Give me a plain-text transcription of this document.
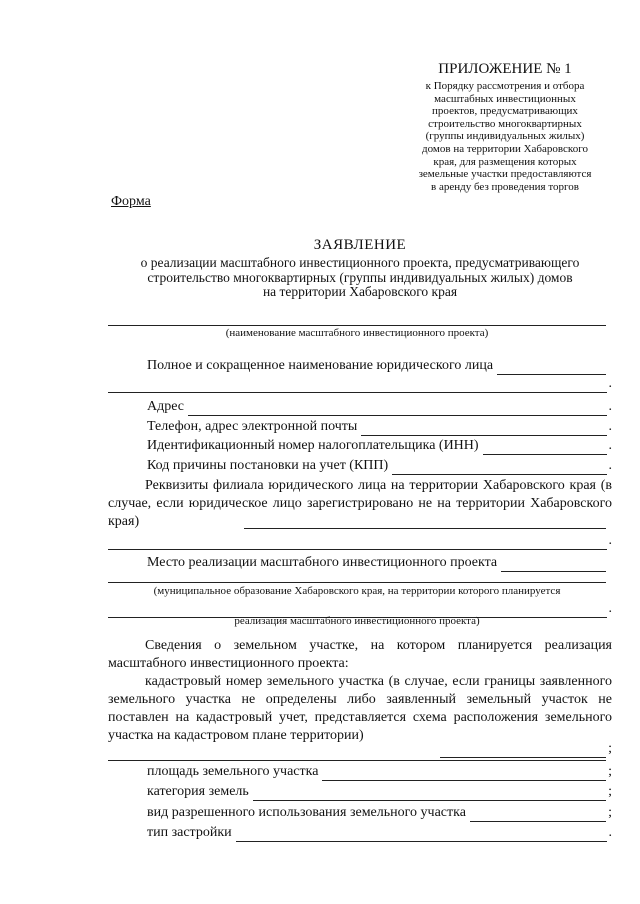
ПРИЛОЖЕНИЕ № 1
к Порядку рассмотрения и отбора
масштабных инвестиционных
проектов, предусматривающих
строительство многоквартирных
(группы индивидуальных жилых)
домов на территории Хабаровского
края, для размещения которых
земельные участки предоставляются
в аренду без проведения торгов
Форма
ЗАЯВЛЕНИЕ
о реализации масштабного инвестиционного проекта, предусматривающего
строительство многоквартирных (группы индивидуальных жилых) домов
на территории Хабаровского края
(наименование масштабного инвестиционного проекта)
Полное и сокращенное наименование юридического лица
.
Адрес	.
Телефон, адрес электронной почты	.
Идентификационный номер налогоплательщика (ИНН)	.
Код причины постановки на учет (КПП)	.
Реквизиты филиала юридического лица на территории Хабаровского края (в случае, если юридическое лицо зарегистрировано не на территории Хабаровского края)
.
Место реализации масштабного инвестиционного проекта
(муниципальное образование Хабаровского края, на территории которого планируется
.
реализация масштабного инвестиционного проекта)
Сведения о земельном участке, на котором планируется реализация масштабного инвестиционного проекта:
кадастровый номер земельного участка (в случае, если границы заявленного земельного участка не определены либо заявленный земельный участок не поставлен на кадастровый учет, представляется схема расположения земельного участка на кадастровом плане территории)
;
площадь земельного участка	;
категория земель	;
вид разрешенного использования земельного участка	;
тип застройки	.
